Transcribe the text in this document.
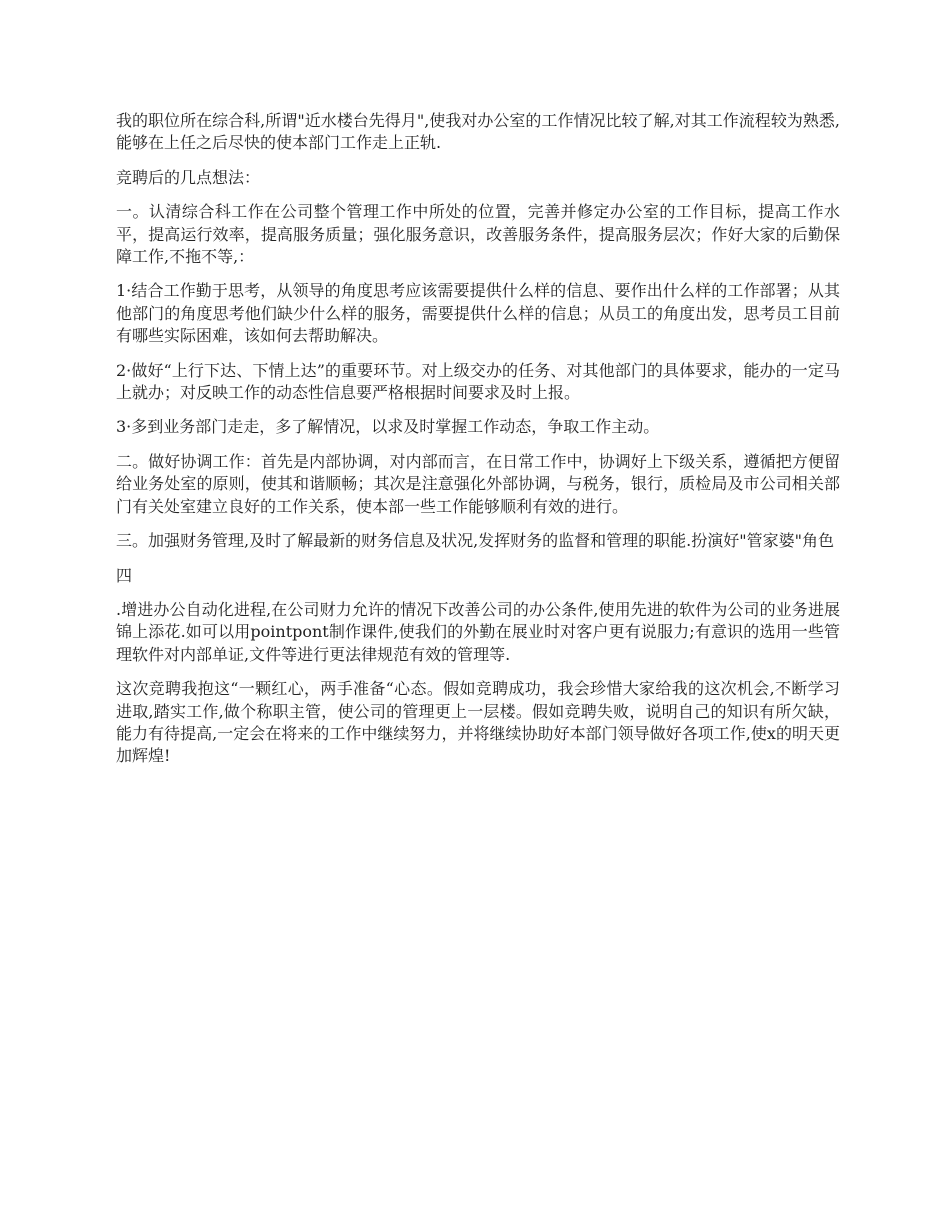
我的职位所在综合科,所谓"近水楼台先得月",使我对办公室的工作情况比较了解,对其工作流程较为熟悉,能够在上任之后尽快的使本部门工作走上正轨.

竞聘后的几点想法：

一。认清综合科工作在公司整个管理工作中所处的位置，完善并修定办公室的工作目标，提高工作水平，提高运行效率，提高服务质量；强化服务意识，改善服务条件，提高服务层次；作好大家的后勤保障工作,不拖不等,：

1·结合工作勤于思考，从领导的角度思考应该需要提供什么样的信息、要作出什么样的工作部署；从其他部门的角度思考他们缺少什么样的服务，需要提供什么样的信息；从员工的角度出发，思考员工目前有哪些实际困难，该如何去帮助解决。

2·做好“上行下达、下情上达”的重要环节。对上级交办的任务、对其他部门的具体要求，能办的一定马上就办；对反映工作的动态性信息要严格根据时间要求及时上报。

3·多到业务部门走走，多了解情况，以求及时掌握工作动态，争取工作主动。

二。做好协调工作：首先是内部协调，对内部而言，在日常工作中，协调好上下级关系，遵循把方便留给业务处室的原则，使其和谐顺畅；其次是注意强化外部协调，与税务，银行，质检局及市公司相关部门有关处室建立良好的工作关系，使本部一些工作能够顺利有效的进行。

三。加强财务管理,及时了解最新的财务信息及状况,发挥财务的监督和管理的职能.扮演好"管家婆"角色

四

.增进办公自动化进程,在公司财力允许的情况下改善公司的办公条件,使用先进的软件为公司的业务进展锦上添花.如可以用pointpont制作课件,使我们的外勤在展业时对客户更有说服力;有意识的选用一些管理软件对内部单证,文件等进行更法律规范有效的管理等.

这次竞聘我抱这“一颗红心，两手准备“心态。假如竞聘成功，我会珍惜大家给我的这次机会,不断学习进取,踏实工作,做个称职主管，使公司的管理更上一层楼。假如竞聘失败，说明自己的知识有所欠缺，能力有待提高,一定会在将来的工作中继续努力，并将继续协助好本部门领导做好各项工作,使x的明天更加辉煌!
